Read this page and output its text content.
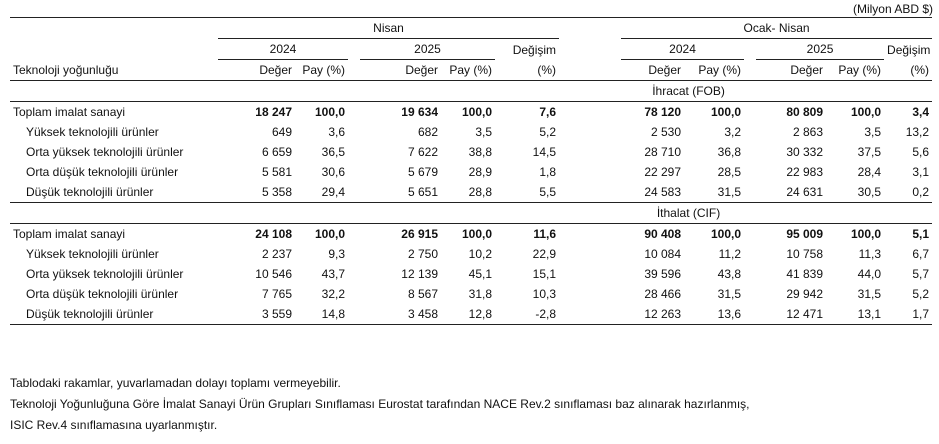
(Milyon ABD $)
	Nisan							Ocak- Nisan					
	2024			2025		Değişim		2024			2025		Değişim
Teknoloji yoğunluğu	Değer	Pay (%)		Değer	Pay (%)	(%)		Değer	Pay (%)		Değer	Pay (%)	(%)
								İhracat (FOB)					
Toplam imalat sanayi	18 247	100,0		19 634	100,0	7,6		78 120	100,0		80 809	100,0	3,4
Yüksek teknolojili ürünler	649	3,6		682	3,5	5,2		2 530	3,2		2 863	3,5	13,2
Orta yüksek teknolojili ürünler	6 659	36,5		7 622	38,8	14,5		28 710	36,8		30 332	37,5	5,6
Orta düşük teknolojili ürünler	5 581	30,6		5 679	28,9	1,8		22 297	28,5		22 983	28,4	3,1
Düşük teknolojili ürünler	5 358	29,4		5 651	28,8	5,5		24 583	31,5		24 631	30,5	0,2
								İthalat (CIF)					
Toplam imalat sanayi	24 108	100,0		26 915	100,0	11,6		90 408	100,0		95 009	100,0	5,1
Yüksek teknolojili ürünler	2 237	9,3		2 750	10,2	22,9		10 084	11,2		10 758	11,3	6,7
Orta yüksek teknolojili ürünler	10 546	43,7		12 139	45,1	15,1		39 596	43,8		41 839	44,0	5,7
Orta düşük teknolojili ürünler	7 765	32,2		8 567	31,8	10,3		28 466	31,5		29 942	31,5	5,2
Düşük teknolojili ürünler	3 559	14,8		3 458	12,8	-2,8		12 263	13,6		12 471	13,1	1,7
Tablodaki rakamlar, yuvarlamadan dolayı toplamı vermeyebilir.
Teknoloji Yoğunluğuna Göre İmalat Sanayi Ürün Grupları Sınıflaması Eurostat tarafından NACE Rev.2 sınıflaması baz alınarak hazırlanmış,
ISIC Rev.4 sınıflamasına uyarlanmıştır.
